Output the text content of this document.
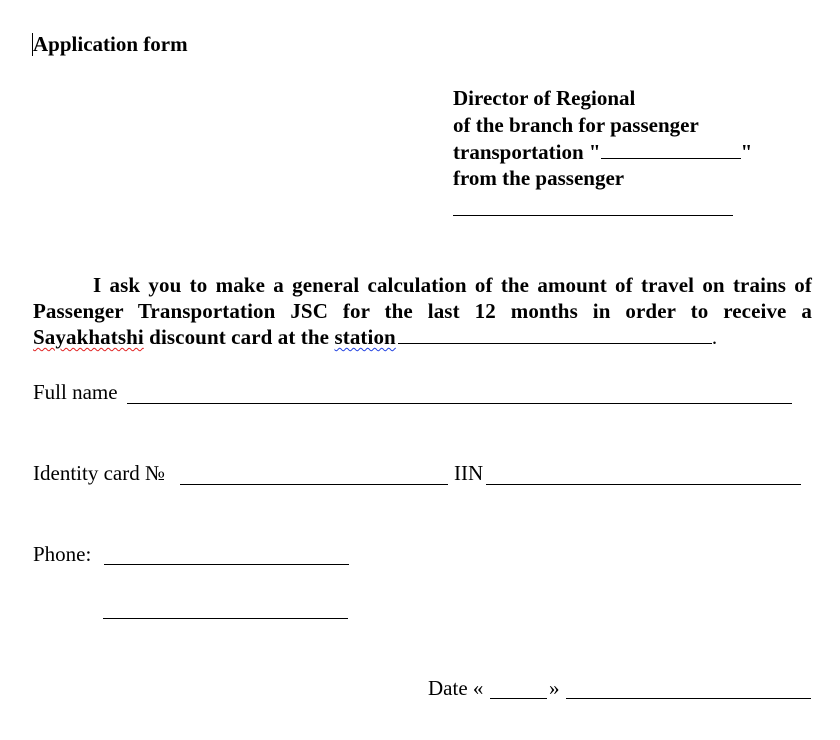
Application form
Director of Regional
of the branch for passenger
transportation "	"
from the passenger
I ask you to make a general calculation of the amount of travel on trains of Passenger Transportation JSC for the last 12 months in order to receive a Sayakhatshi discount card at the station	.
Full name
Identity card №	IIN
Phone:
Date «	»
